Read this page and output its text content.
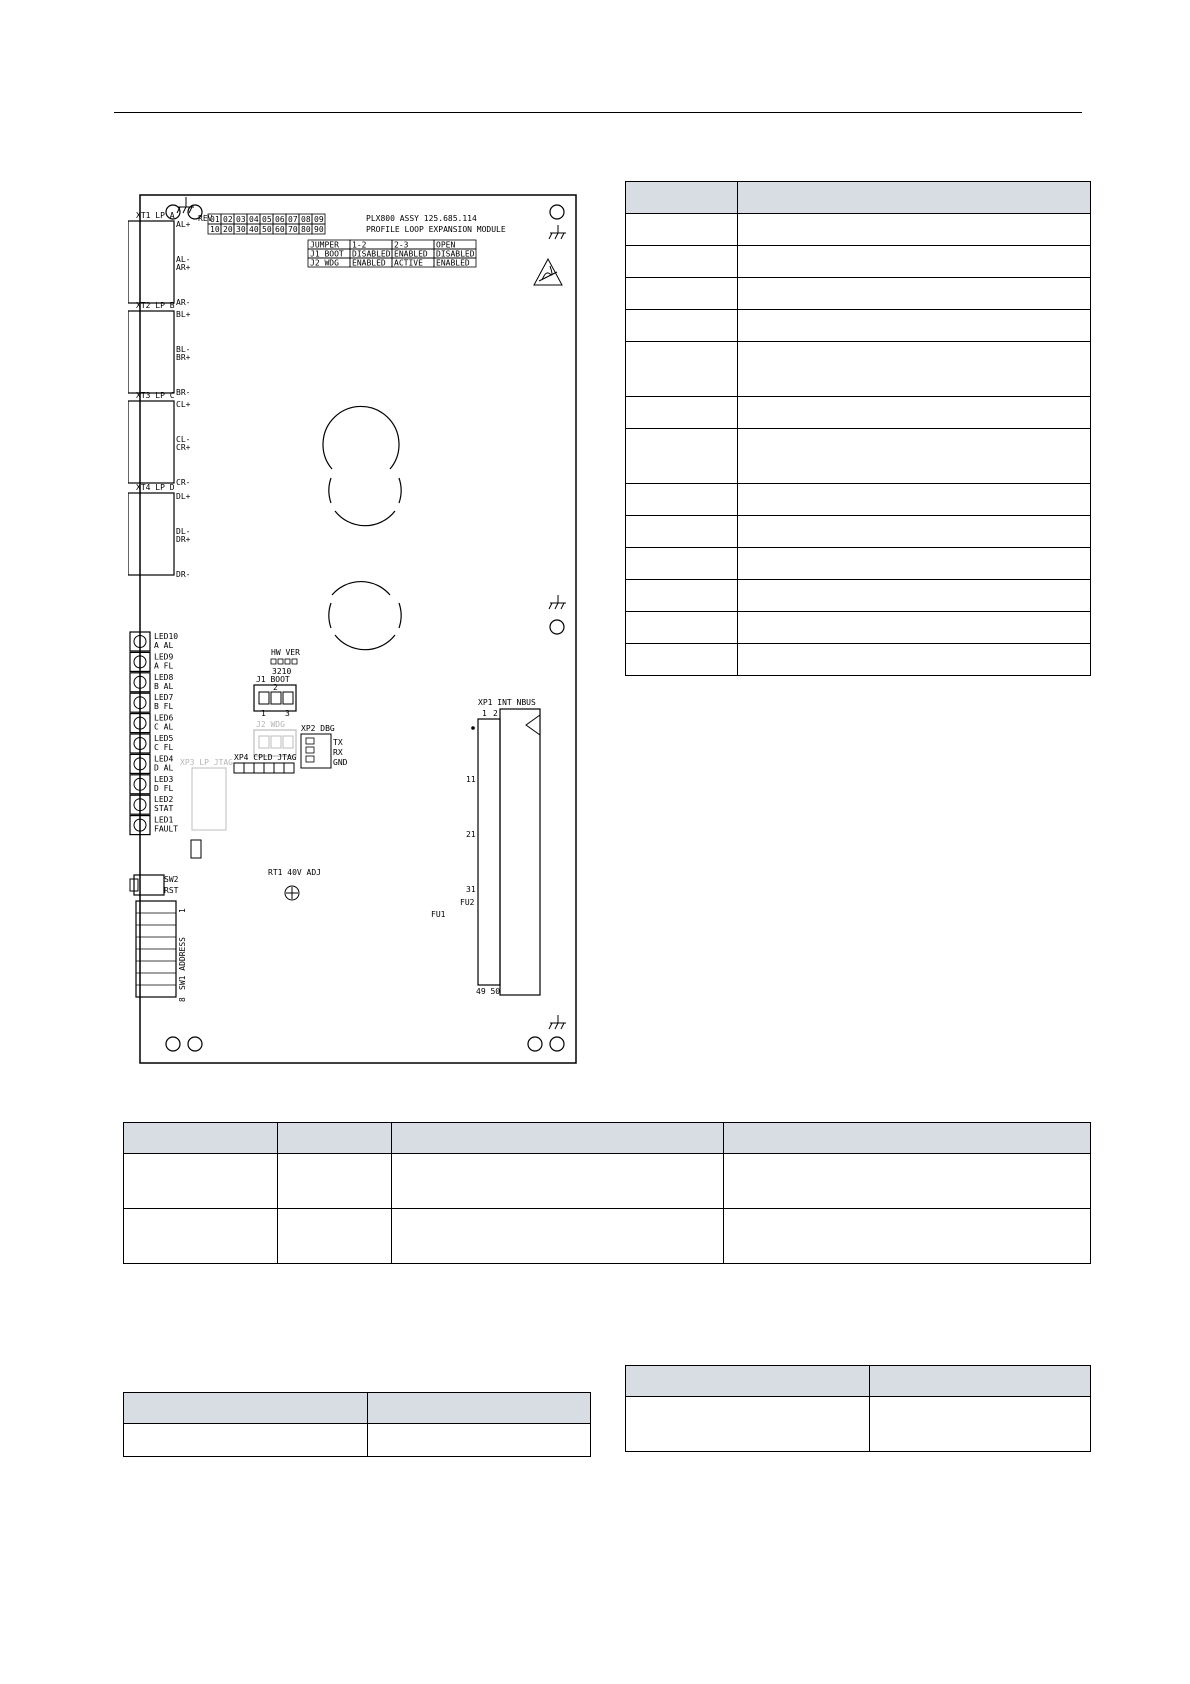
REV
01 02 03 04 05 06 07 08 09
10 20 30 40 50 60 70 80 90
PLX800 ASSY 125.685.114
PROFILE LOOP EXPANSION MODULE
JUMPER 1-2	2-3	OPEN
J1 BOOT DISABLED ENABLED DISABLED
J2 WDG ENABLED ACTIVE ENABLED
XT1 LP A
AL+
AL-
AR+
AR-
XT2 LP B
BL+
BL-
BR+
BR-
XT3 LP C
CL+
CL-
CR+
CR-
XT4 LP D
DL+
DL-
DR+
DR-
LED10
A AL
LED9
A FL
LED8
B AL
LED7
B FL
LED6
C AL
LED5
C FL
LED4
D AL
LED3
D FL
LED2
STAT
LED1
FAULT
HW VER
3210
J1 BOOT
1
2
3
J2 WDG XP2 DBG
TX
RX
GND
XP4 CPLD JTAG
XP3 LP JTAG
RT1 40V ADJ
SW2
RST
SW1 ADDRESS
1
8
XP1 INT NBUS
1 2
11
21
31
49 50
FU2
FU1
